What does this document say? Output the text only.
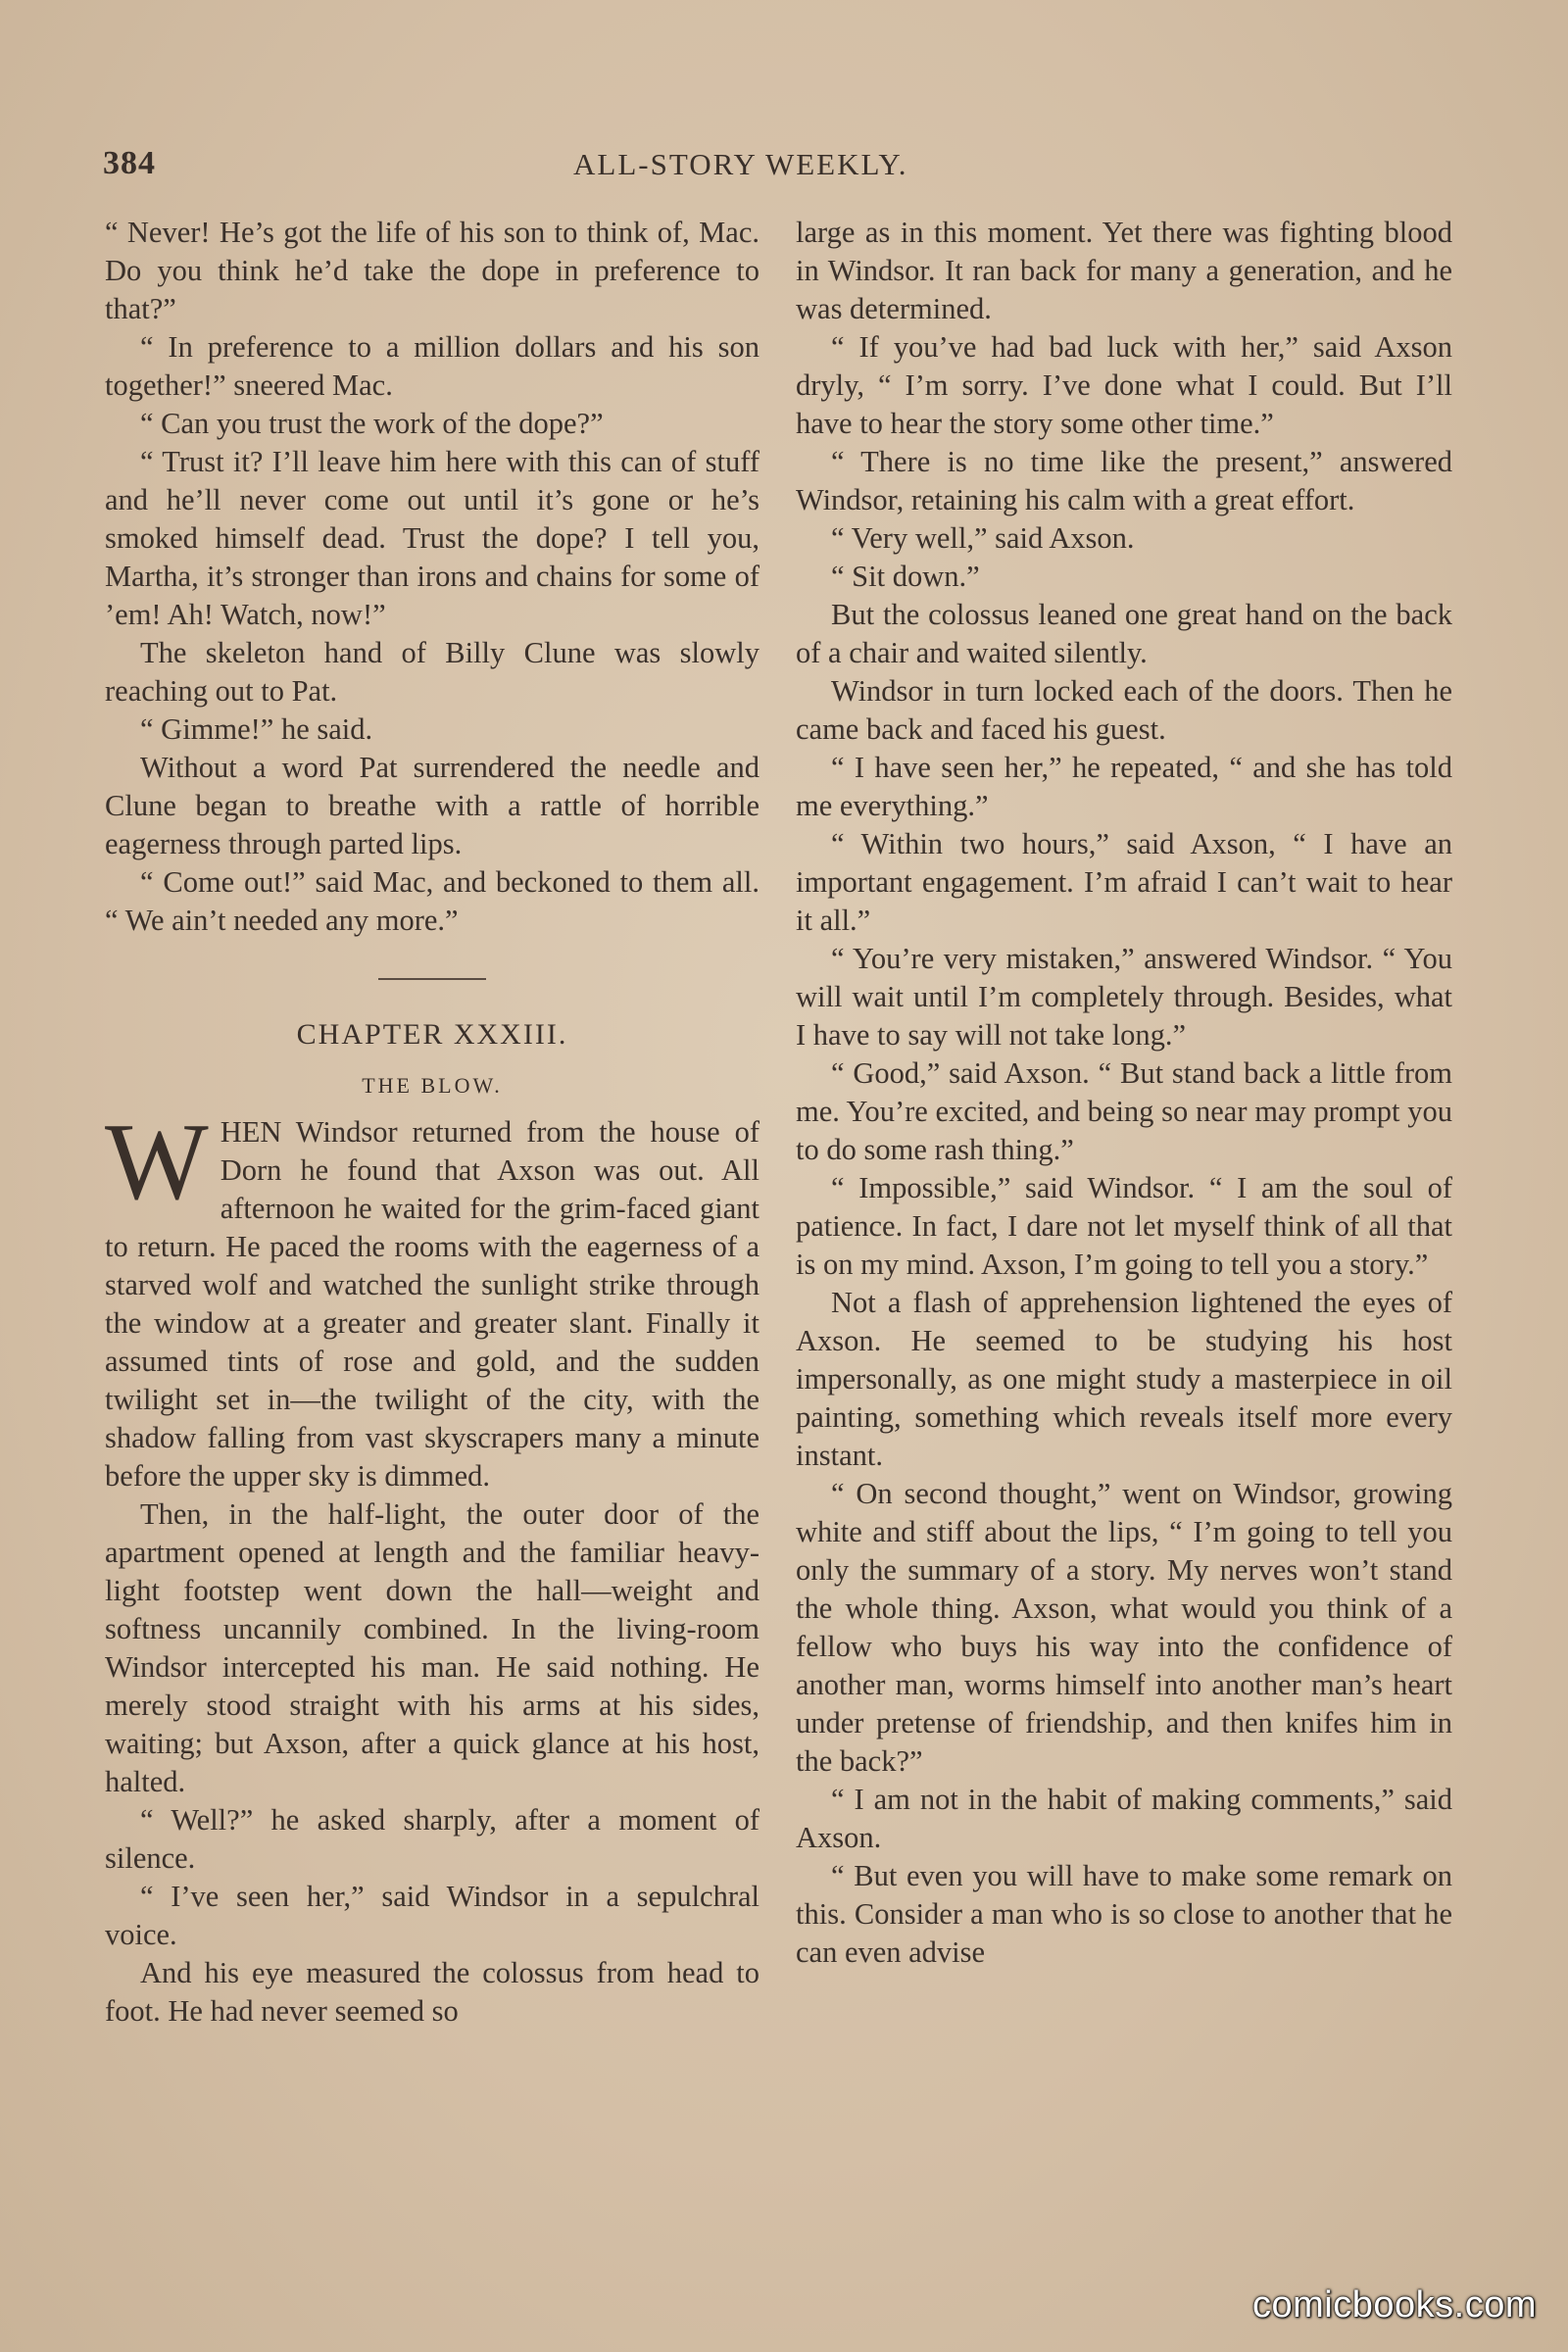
384	ALL-STORY WEEKLY.

“ Never! He’s got the life of his son to think of, Mac. Do you think he’d take the dope in preference to that?”

“ In preference to a million dollars and his son together!” sneered Mac.

“ Can you trust the work of the dope?”

“ Trust it? I’ll leave him here with this can of stuff and he’ll never come out until it’s gone or he’s smoked himself dead. Trust the dope? I tell you, Martha, it’s stronger than irons and chains for some of ’em! Ah! Watch, now!”

The skeleton hand of Billy Clune was slowly reaching out to Pat.

“ Gimme!” he said.

Without a word Pat surrendered the needle and Clune began to breathe with a rattle of horrible eagerness through parted lips.

“ Come out!” said Mac, and beckoned to them all. “ We ain’t needed any more.”

CHAPTER XXXIII.
THE BLOW.

WHEN Windsor returned from the house of Dorn he found that Axson was out. All afternoon he waited for the grim-faced giant to return. He paced the rooms with the eagerness of a starved wolf and watched the sunlight strike through the window at a greater and greater slant. Finally it assumed tints of rose and gold, and the sudden twilight set in—the twilight of the city, with the shadow falling from vast skyscrapers many a minute before the upper sky is dimmed.

Then, in the half-light, the outer door of the apartment opened at length and the familiar heavy-light footstep went down the hall—weight and softness uncannily combined. In the living-room Windsor intercepted his man. He said nothing. He merely stood straight with his arms at his sides, waiting; but Axson, after a quick glance at his host, halted.

“ Well?” he asked sharply, after a moment of silence.

“ I’ve seen her,” said Windsor in a sepulchral voice.

And his eye measured the colossus from head to foot. He had never seemed so

large as in this moment. Yet there was fighting blood in Windsor. It ran back for many a generation, and he was determined.

“ If you’ve had bad luck with her,” said Axson dryly, “ I’m sorry. I’ve done what I could. But I’ll have to hear the story some other time.”

“ There is no time like the present,” answered Windsor, retaining his calm with a great effort.

“ Very well,” said Axson.

“ Sit down.”

But the colossus leaned one great hand on the back of a chair and waited silently.

Windsor in turn locked each of the doors. Then he came back and faced his guest.

“ I have seen her,” he repeated, “ and she has told me everything.”

“ Within two hours,” said Axson, “ I have an important engagement. I’m afraid I can’t wait to hear it all.”

“ You’re very mistaken,” answered Windsor. “ You will wait until I’m completely through. Besides, what I have to say will not take long.”

“ Good,” said Axson. “ But stand back a little from me. You’re excited, and being so near may prompt you to do some rash thing.”

“ Impossible,” said Windsor. “ I am the soul of patience. In fact, I dare not let myself think of all that is on my mind. Axson, I’m going to tell you a story.”

Not a flash of apprehension lightened the eyes of Axson. He seemed to be studying his host impersonally, as one might study a masterpiece in oil painting, something which reveals itself more every instant.

“ On second thought,” went on Windsor, growing white and stiff about the lips, “ I’m going to tell you only the summary of a story. My nerves won’t stand the whole thing. Axson, what would you think of a fellow who buys his way into the confidence of another man, worms himself into another man’s heart under pretense of friendship, and then knifes him in the back?”

“ I am not in the habit of making comments,” said Axson.

“ But even you will have to make some remark on this. Consider a man who is so close to another that he can even advise

comicbooks.com
